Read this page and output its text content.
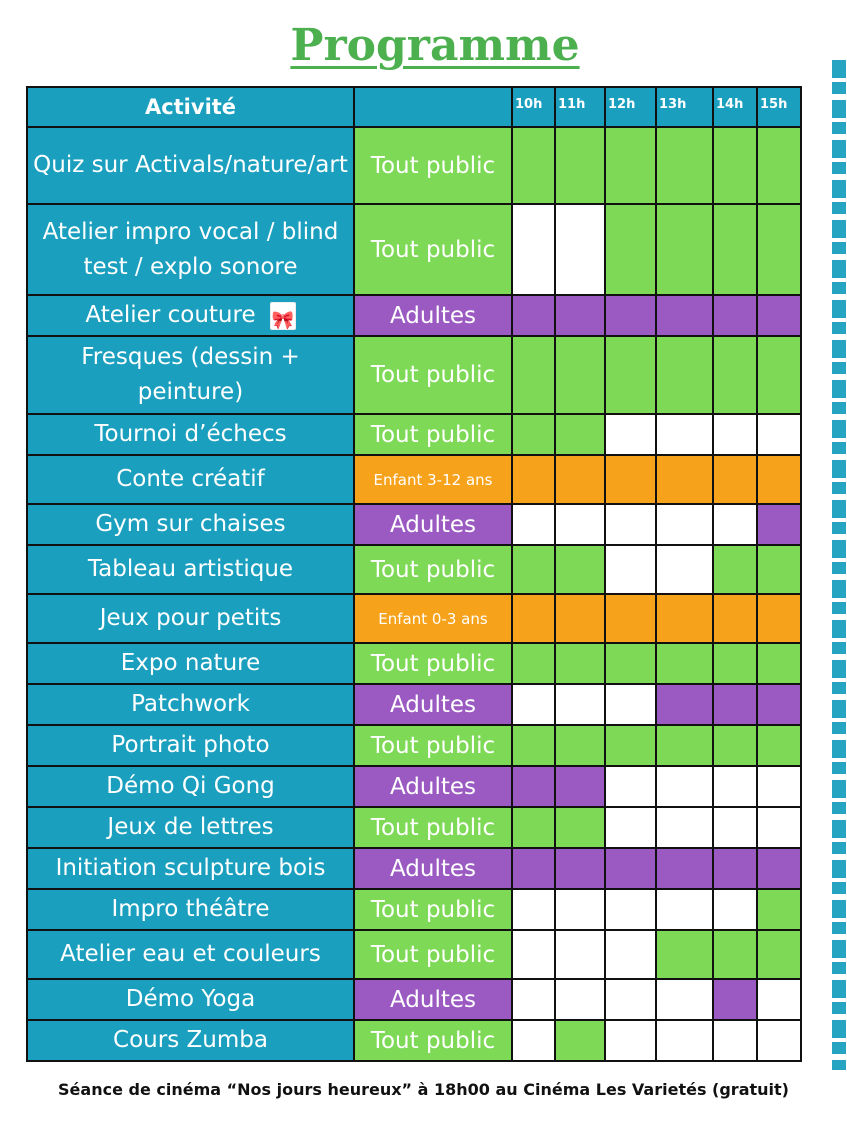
Programme
Activité		10h	11h	12h	13h	14h	15h
Quiz sur Activals/nature/art	Tout public						
Atelier impro vocal / blind test / explo sonore	Tout public						
Atelier couture🎀	Adultes						
Fresques (dessin + peinture)	Tout public						
Tournoi d’échecs	Tout public						
Conte créatif	Enfant 3-12 ans						
Gym sur chaises	Adultes						
Tableau artistique	Tout public						
Jeux pour petits	Enfant 0-3 ans						
Expo nature	Tout public						
Patchwork	Adultes						
Portrait photo	Tout public						
Démo Qi Gong	Adultes						
Jeux de lettres	Tout public						
Initiation sculpture bois	Adultes						
Impro théâtre	Tout public						
Atelier eau et couleurs	Tout public						
Démo Yoga	Adultes						
Cours Zumba	Tout public						
Séance de cinéma “Nos jours heureux” à 18h00 au Cinéma Les Varietés (gratuit)
